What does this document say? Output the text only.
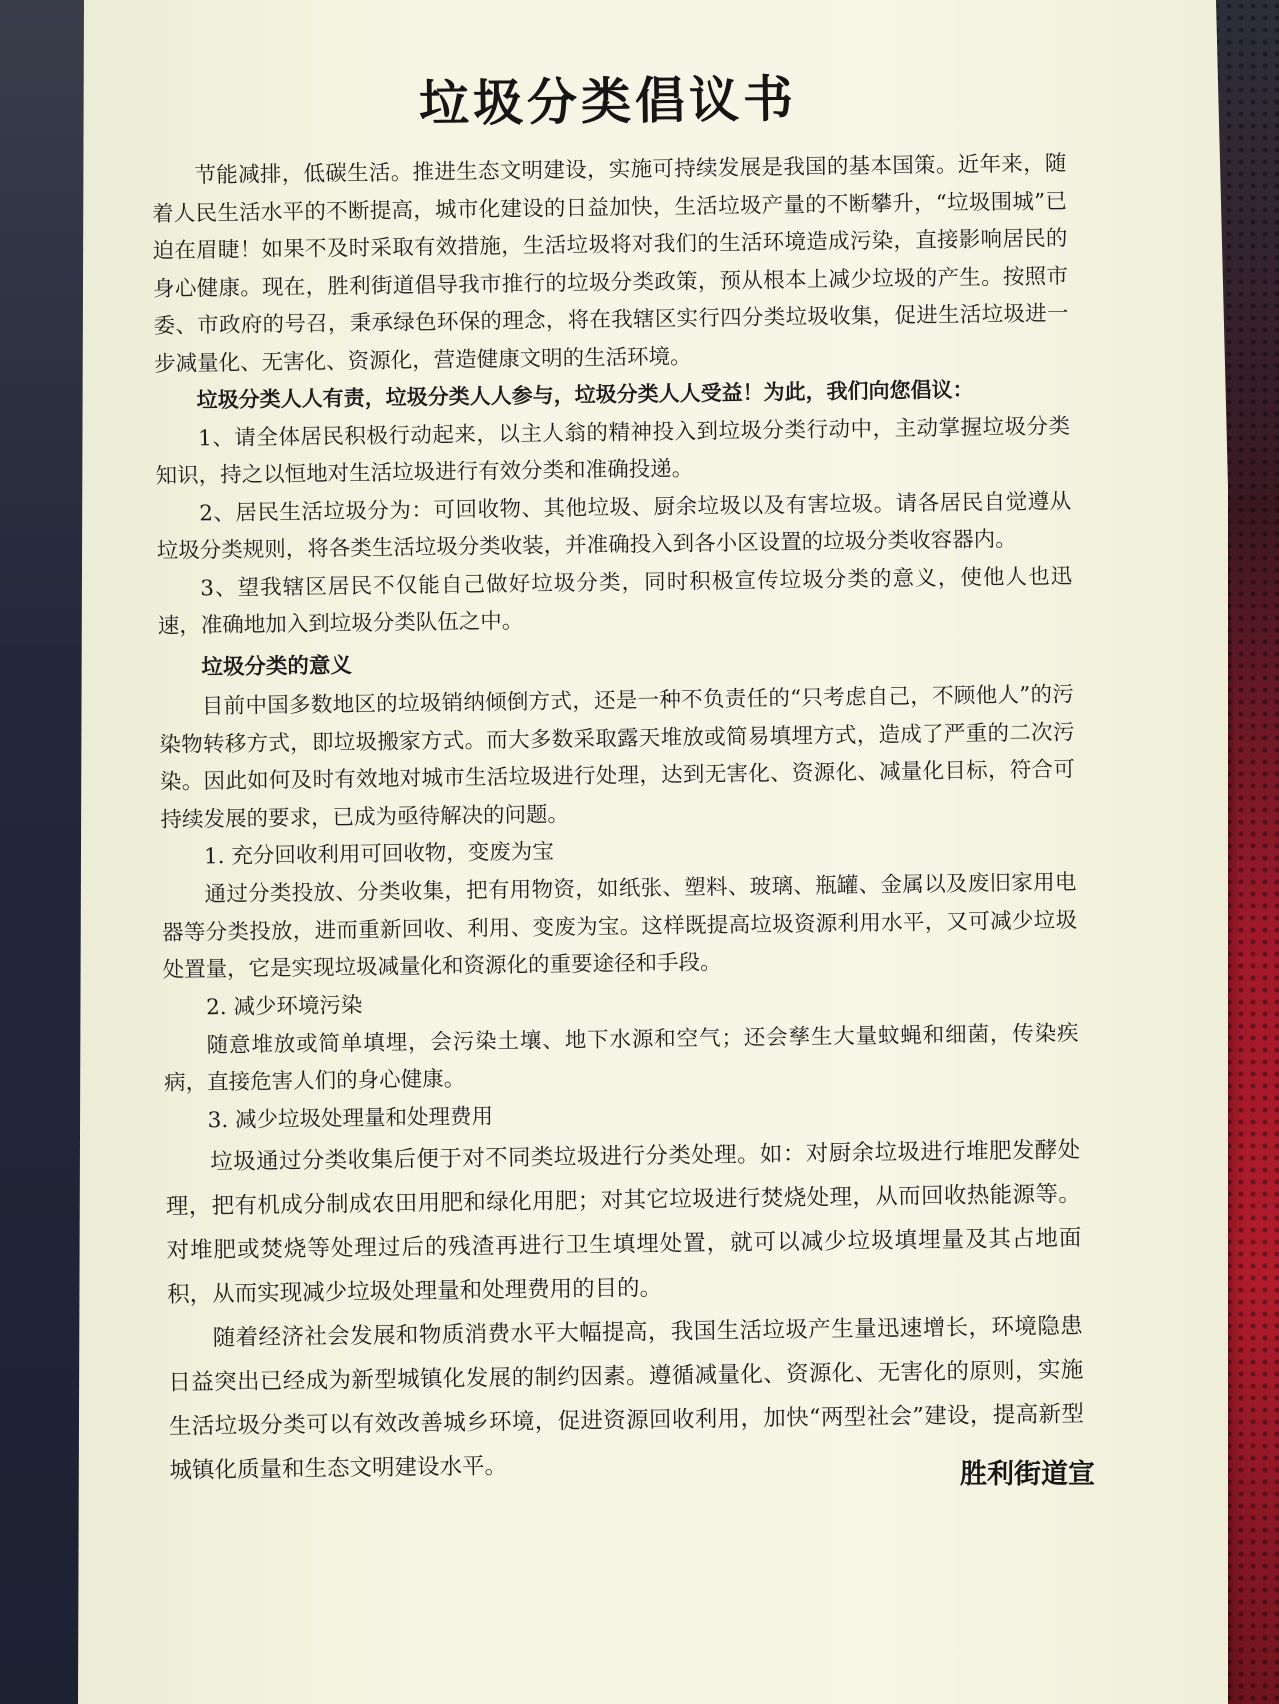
垃圾分类倡议书

节能减排，低碳生活。推进生态文明建设，实施可持续发展是我国的基本国策。近年来，随着人民生活水平的不断提高，城市化建设的日益加快，生活垃圾产量的不断攀升，“垃圾围城”已迫在眉睫！如果不及时采取有效措施，生活垃圾将对我们的生活环境造成污染，直接影响居民的身心健康。现在，胜利街道倡导我市推行的垃圾分类政策，预从根本上减少垃圾的产生。按照市委、市政府的号召，秉承绿色环保的理念，将在我辖区实行四分类垃圾收集，促进生活垃圾进一步减量化、无害化、资源化，营造健康文明的生活环境。

垃圾分类人人有责，垃圾分类人人参与，垃圾分类人人受益！为此，我们向您倡议：

1、请全体居民积极行动起来，以主人翁的精神投入到垃圾分类行动中，主动掌握垃圾分类知识，持之以恒地对生活垃圾进行有效分类和准确投递。

2、居民生活垃圾分为：可回收物、其他垃圾、厨余垃圾以及有害垃圾。请各居民自觉遵从垃圾分类规则，将各类生活垃圾分类收装，并准确投入到各小区设置的垃圾分类收容器内。

3、望我辖区居民不仅能自己做好垃圾分类，同时积极宣传垃圾分类的意义，使他人也迅速，准确地加入到垃圾分类队伍之中。

垃圾分类的意义

目前中国多数地区的垃圾销纳倾倒方式，还是一种不负责任的“只考虑自己，不顾他人”的污染物转移方式，即垃圾搬家方式。而大多数采取露天堆放或简易填埋方式，造成了严重的二次污染。因此如何及时有效地对城市生活垃圾进行处理，达到无害化、资源化、减量化目标，符合可持续发展的要求，已成为亟待解决的问题。

1. 充分回收利用可回收物，变废为宝

通过分类投放、分类收集，把有用物资，如纸张、塑料、玻璃、瓶罐、金属以及废旧家用电器等分类投放，进而重新回收、利用、变废为宝。这样既提高垃圾资源利用水平，又可减少垃圾处置量，它是实现垃圾减量化和资源化的重要途径和手段。

2. 减少环境污染

随意堆放或简单填埋，会污染土壤、地下水源和空气；还会孳生大量蚊蝇和细菌，传染疾病，直接危害人们的身心健康。

3. 减少垃圾处理量和处理费用

垃圾通过分类收集后便于对不同类垃圾进行分类处理。如：对厨余垃圾进行堆肥发酵处理，把有机成分制成农田用肥和绿化用肥；对其它垃圾进行焚烧处理，从而回收热能源等。对堆肥或焚烧等处理过后的残渣再进行卫生填埋处置，就可以减少垃圾填埋量及其占地面积，从而实现减少垃圾处理量和处理费用的目的。

随着经济社会发展和物质消费水平大幅提高，我国生活垃圾产生量迅速增长，环境隐患日益突出已经成为新型城镇化发展的制约因素。遵循减量化、资源化、无害化的原则，实施生活垃圾分类可以有效改善城乡环境，促进资源回收利用，加快“两型社会”建设，提高新型城镇化质量和生态文明建设水平。	胜利街道宣
